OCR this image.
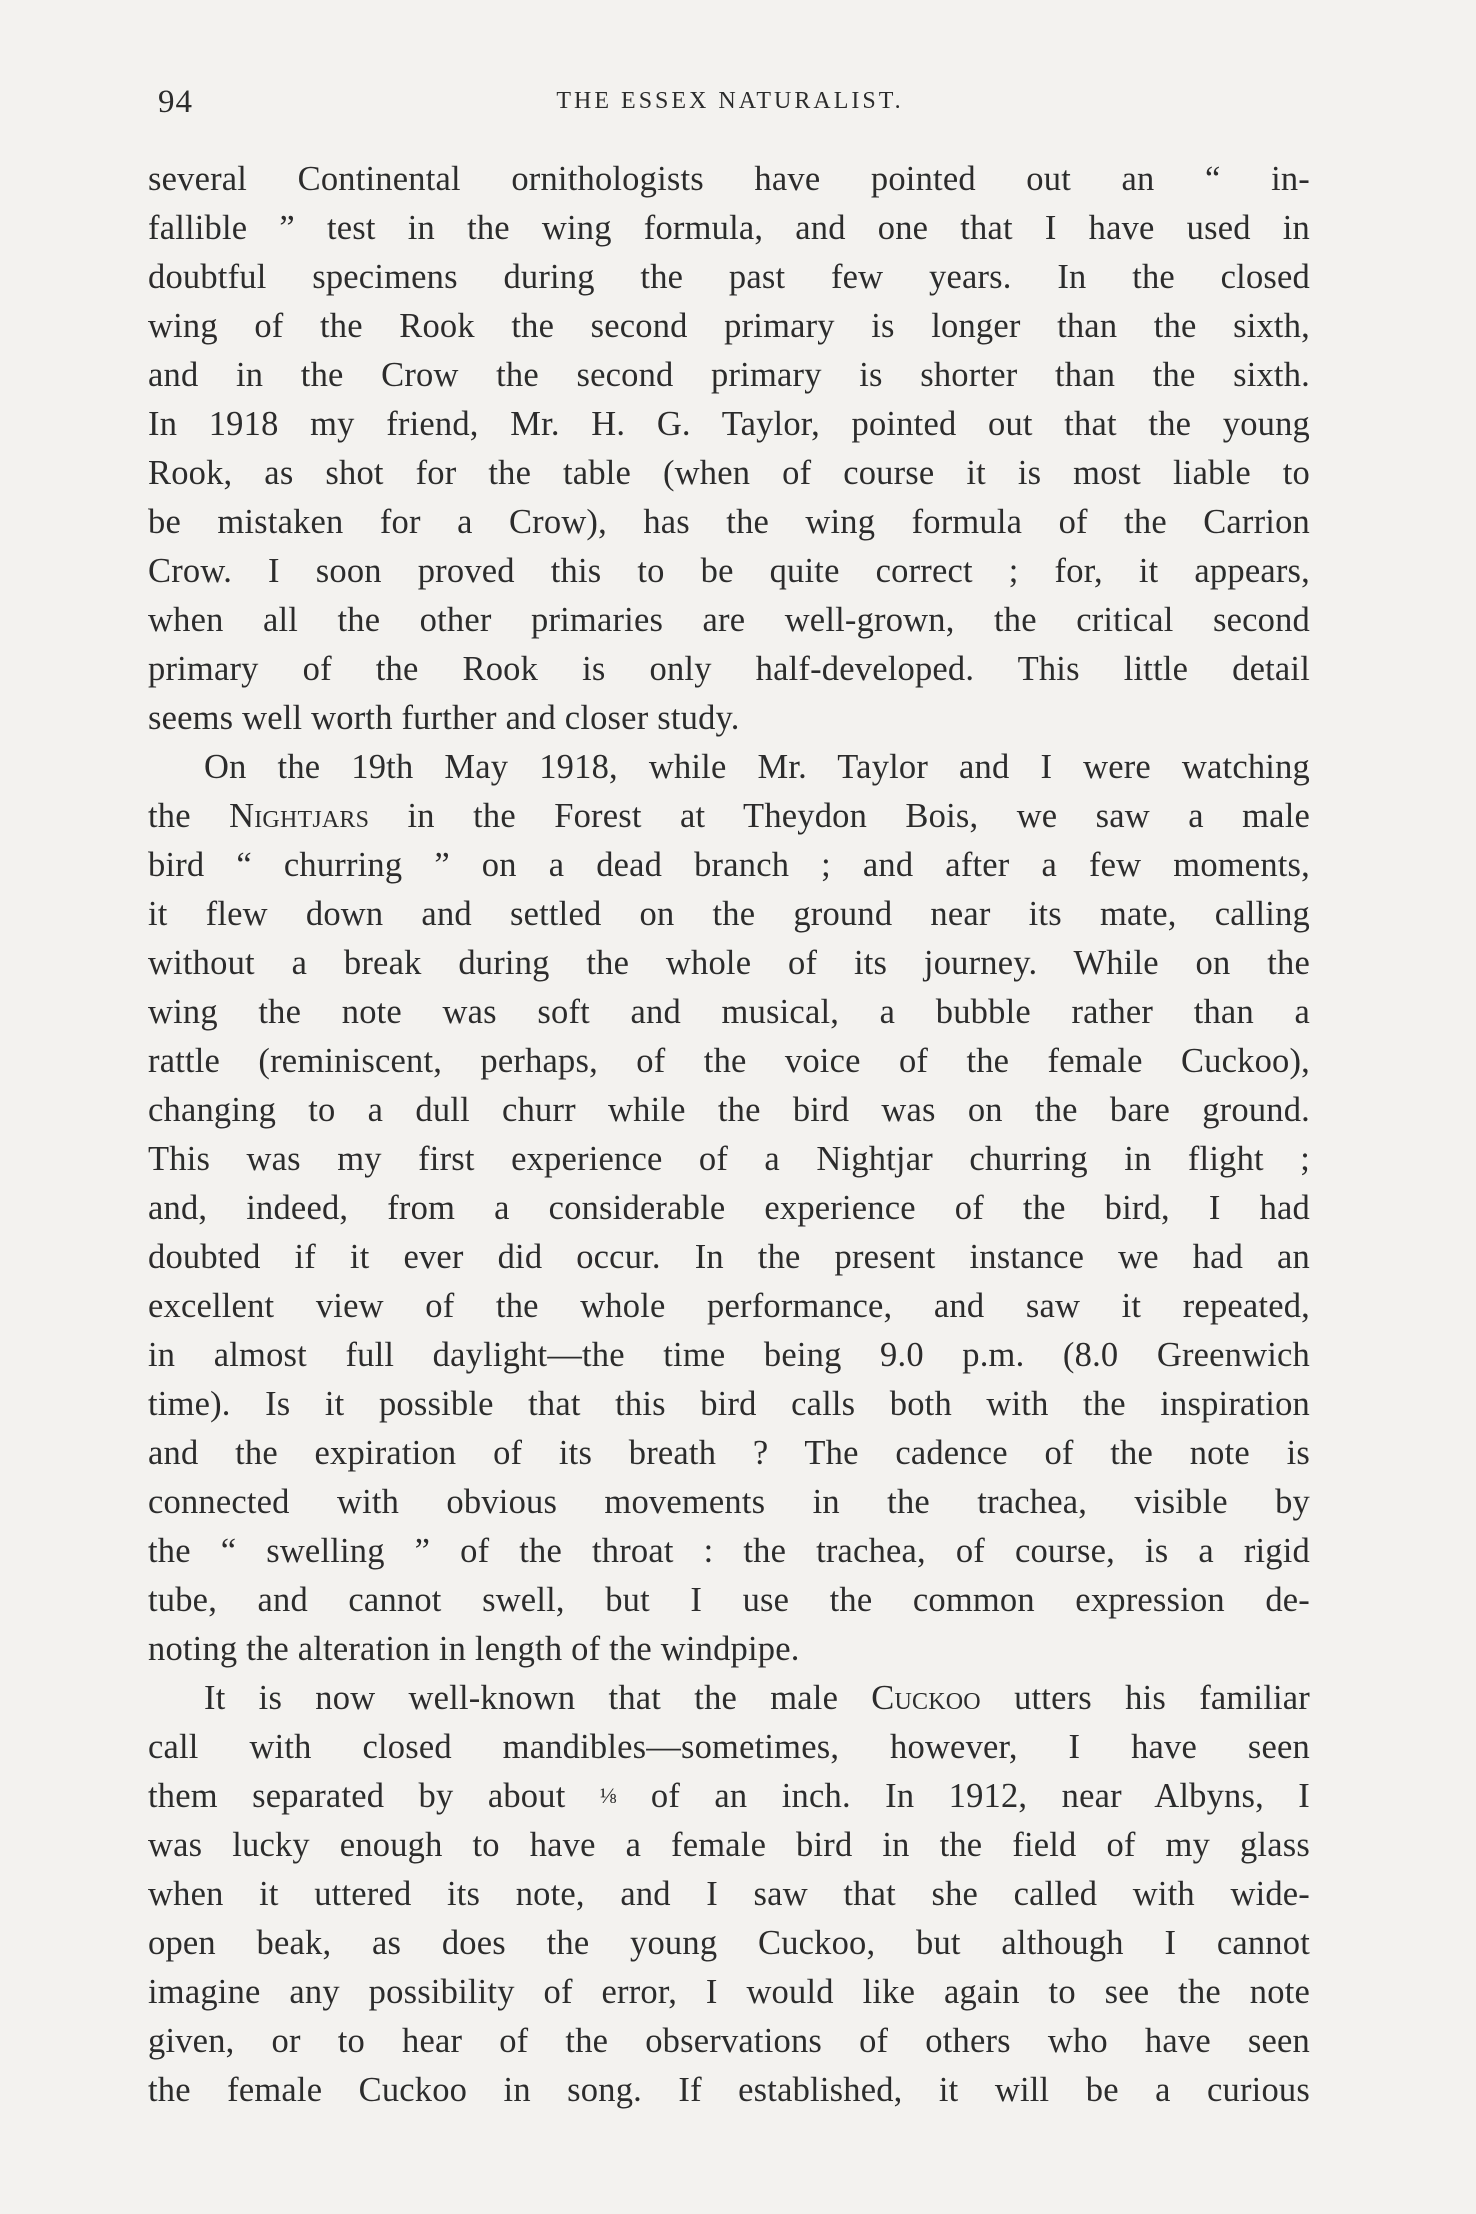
94	THE ESSEX NATURALIST.
several Continental ornithologists have pointed out an “ in-
fallible ” test in the wing formula, and one that I have used in
doubtful specimens during the past few years. In the closed
wing of the Rook the second primary is longer than the sixth,
and in the Crow the second primary is shorter than the sixth.
In 1918 my friend, Mr. H. G. Taylor, pointed out that the young
Rook, as shot for the table (when of course it is most liable to
be mistaken for a Crow), has the wing formula of the Carrion
Crow. I soon proved this to be quite correct ; for, it appears,
when all the other primaries are well-grown, the critical second
primary of the Rook is only half-developed. This little detail
seems well worth further and closer study.
On the 19th May 1918, while Mr. Taylor and I were watching
the Nightjars in the Forest at Theydon Bois, we saw a male
bird “ churring ” on a dead branch ; and after a few moments,
it flew down and settled on the ground near its mate, calling
without a break during the whole of its journey. While on the
wing the note was soft and musical, a bubble rather than a
rattle (reminiscent, perhaps, of the voice of the female Cuckoo),
changing to a dull churr while the bird was on the bare ground.
This was my first experience of a Nightjar churring in flight ;
and, indeed, from a considerable experience of the bird, I had
doubted if it ever did occur. In the present instance we had an
excellent view of the whole performance, and saw it repeated,
in almost full daylight—the time being 9.0 p.m. (8.0 Greenwich
time). Is it possible that this bird calls both with the inspiration
and the expiration of its breath ? The cadence of the note is
connected with obvious movements in the trachea, visible by
the “ swelling ” of the throat : the trachea, of course, is a rigid
tube, and cannot swell, but I use the common expression de-
noting the alteration in length of the windpipe.
It is now well-known that the male Cuckoo utters his familiar
call with closed mandibles—sometimes, however, I have seen
them separated by about ⅛ of an inch. In 1912, near Albyns, I
was lucky enough to have a female bird in the field of my glass
when it uttered its note, and I saw that she called with wide-
open beak, as does the young Cuckoo, but although I cannot
imagine any possibility of error, I would like again to see the note
given, or to hear of the observations of others who have seen
the female Cuckoo in song. If established, it will be a curious
